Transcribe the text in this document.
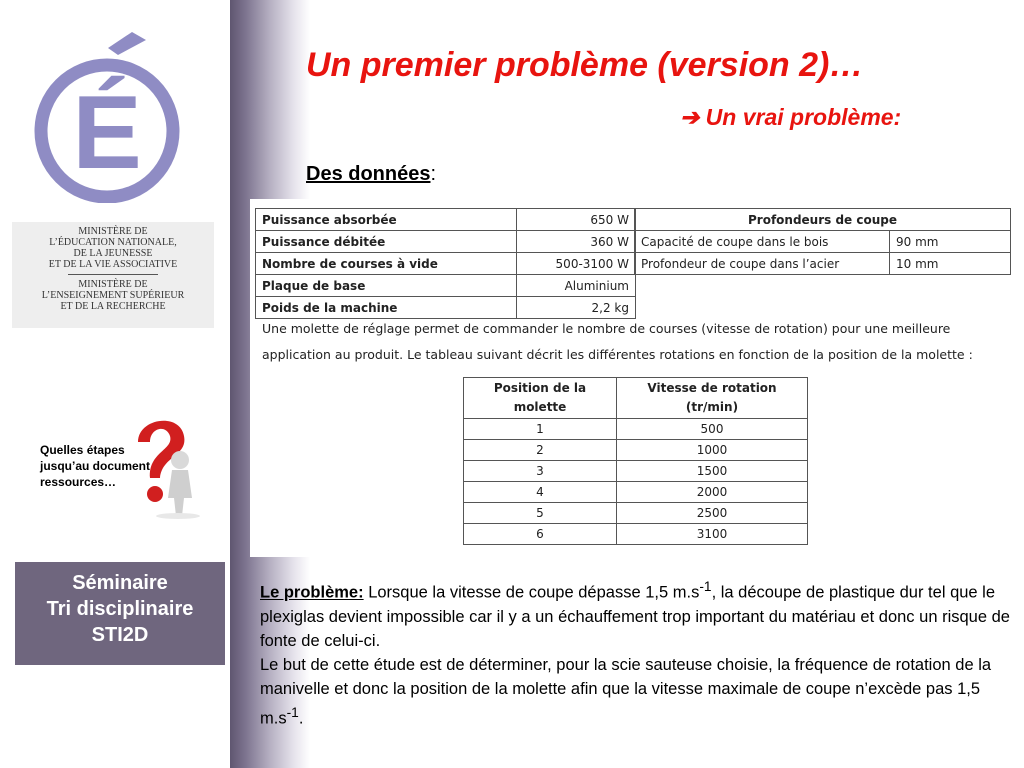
É
MINISTÈRE DE
L’ÉDUCATION NATIONALE,
DE LA JEUNESSE
ET DE LA VIE ASSOCIATIVE
MINISTÈRE DE
L’ENSEIGNEMENT SUPÉRIEUR
ET DE LA RECHERCHE
Quelles étapes jusqu’au document ressources…
Séminaire
Tri disciplinaire
STI2D
Un premier problème (version 2)…
➔ Un vrai problème:
Des données:
Puissance absorbée	650 W
Puissance débitée	360 W
Nombre de courses à vide	500-3100 W
Plaque de base	Aluminium
Poids de la machine	2,2 kg
Profondeurs de coupe	
Capacité de coupe dans le bois	90 mm
Profondeur de coupe dans l’acier	10 mm
Une molette de réglage permet de commander le nombre de courses (vitesse de rotation) pour une meilleure application au produit. Le tableau suivant décrit les différentes rotations en fonction de la position de la molette :
Position de la molette	Vitesse de rotation (tr/min)
1	500
2	1000
3	1500
4	2000
5	2500
6	3100
Le problème: Lorsque la vitesse de coupe dépasse 1,5 $m.s^{-1}$, la découpe de plastique dur tel que le plexiglas devient impossible car il y a un échauffement trop important du matériau et donc un risque de fonte de celui-ci.
Le but de cette étude est de déterminer, pour la scie sauteuse choisie, la fréquence de rotation de la manivelle et donc la position de la molette afin que la vitesse maximale de coupe n’excède pas 1,5 $m.s^{-1}$.
